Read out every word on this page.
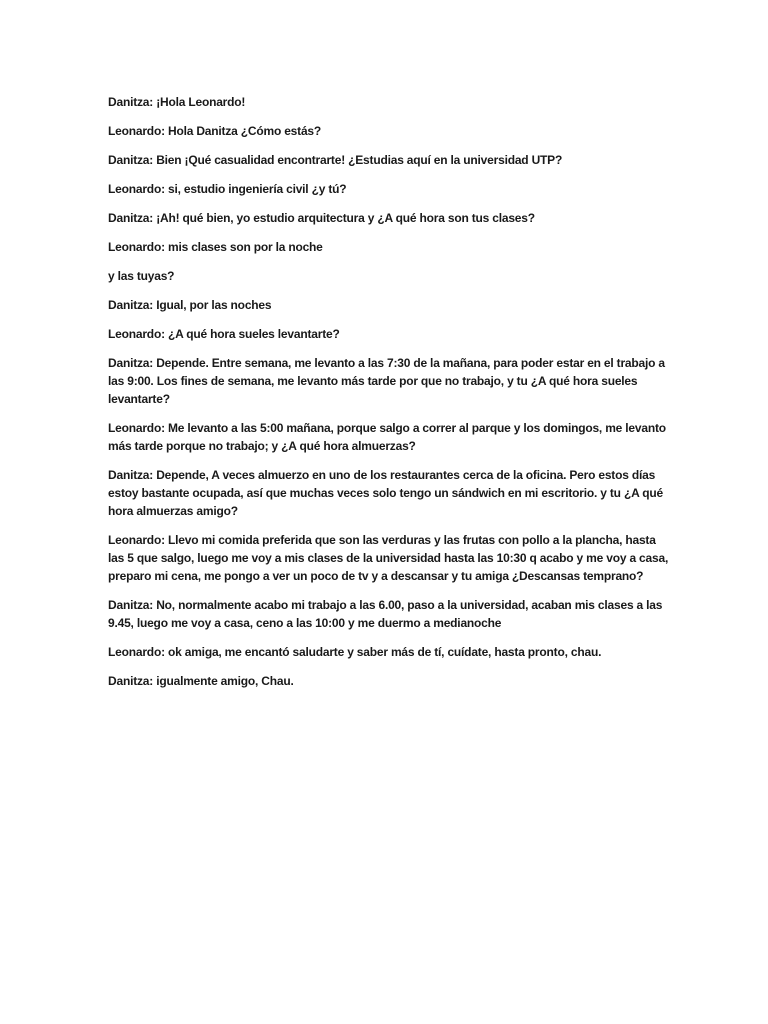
Danitza: ¡Hola Leonardo!

Leonardo: Hola Danitza ¿Cómo estás?

Danitza: Bien ¡Qué casualidad encontrarte! ¿Estudias aquí en la universidad UTP?

Leonardo: si, estudio ingeniería civil ¿y tú?

Danitza: ¡Ah! qué bien, yo estudio arquitectura y ¿A qué hora son tus clases?

Leonardo: mis clases son por la noche

y las tuyas?

Danitza: Igual, por las noches

Leonardo: ¿A qué hora sueles levantarte?

Danitza: Depende. Entre semana, me levanto a las 7:30 de la mañana, para poder estar en el trabajo a las 9:00. Los fines de semana, me levanto más tarde por que no trabajo, y tu ¿A qué hora sueles levantarte?

Leonardo: Me levanto a las 5:00 mañana, porque salgo a correr al parque y los domingos, me levanto más tarde porque no trabajo; y ¿A qué hora almuerzas?

Danitza: Depende, A veces almuerzo en uno de los restaurantes cerca de la oficina. Pero estos días estoy bastante ocupada, así que muchas veces solo tengo un sándwich en mi escritorio. y tu ¿A qué hora almuerzas amigo?

Leonardo: Llevo mi comida preferida que son las verduras y las frutas con pollo a la plancha, hasta las 5 que salgo, luego me voy a mis clases de la universidad hasta las 10:30 q acabo y me voy a casa, preparo mi cena, me pongo a ver un poco de tv y a descansar y tu amiga ¿Descansas temprano?

Danitza: No, normalmente acabo mi trabajo a las 6.00, paso a la universidad, acaban mis clases a las 9.45, luego me voy a casa, ceno a las 10:00 y me duermo a medianoche

Leonardo: ok amiga, me encantó saludarte y saber más de tí, cuídate, hasta pronto, chau.

Danitza: igualmente amigo, Chau.
